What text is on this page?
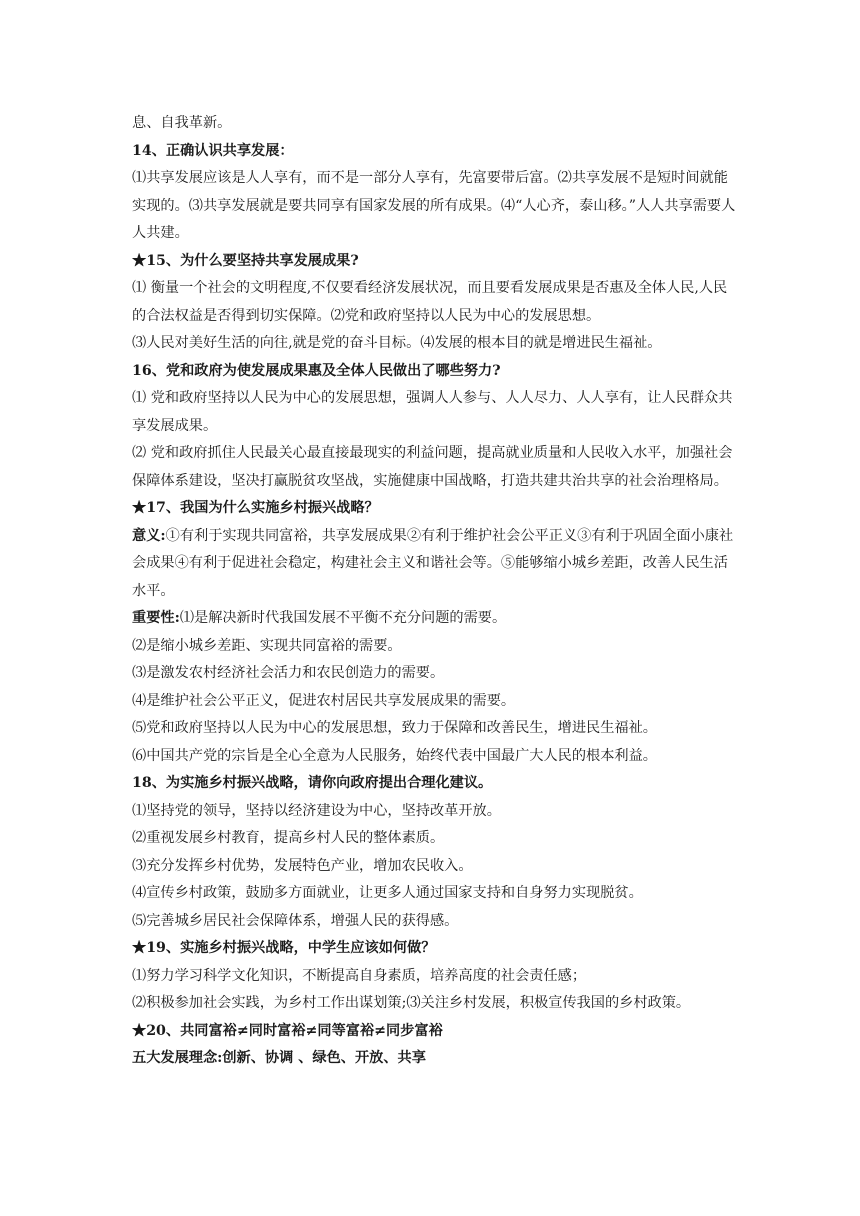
息、自我革新。

14、正确认识共享发展：

⑴共享发展应该是人人享有，而不是一部分人享有，先富要带后富。⑵共享发展不是短时间就能实现的。⑶共享发展就是要共同享有国家发展的所有成果。⑷“人心齐，泰山移。”人人共享需要人人共建。

★15、为什么要坚持共享发展成果?

⑴ 衡量一个社会的文明程度,不仅要看经济发展状况，而且要看发展成果是否惠及全体人民,人民的合法权益是否得到切实保障。⑵党和政府坚持以人民为中心的发展思想。

⑶人民对美好生活的向往,就是党的奋斗目标。⑷发展的根本目的就是增进民生福祉。

16、党和政府为使发展成果惠及全体人民做出了哪些努力?

⑴ 党和政府坚持以人民为中心的发展思想，强调人人参与、人人尽力、人人享有，让人民群众共享发展成果。

⑵ 党和政府抓住人民最关心最直接最现实的利益问题，提高就业质量和人民收入水平，加强社会保障体系建设，坚决打赢脱贫攻坚战，实施健康中国战略，打造共建共治共享的社会治理格局。

★17、我国为什么实施乡村振兴战略？

意义:①有利于实现共同富裕，共享发展成果②有利于维护社会公平正义③有利于巩固全面小康社会成果④有利于促进社会稳定，构建社会主义和谐社会等。⑤能够缩小城乡差距，改善人民生活水平。

重要性:⑴是解决新时代我国发展不平衡不充分问题的需要。

⑵是缩小城乡差距、实现共同富裕的需要。

⑶是激发农村经济社会活力和农民创造力的需要。

⑷是维护社会公平正义，促进农村居民共享发展成果的需要。

⑸党和政府坚持以人民为中心的发展思想，致力于保障和改善民生，增进民生福祉。

⑹中国共产党的宗旨是全心全意为人民服务，始终代表中国最广大人民的根本利益。

18、为实施乡村振兴战略，请你向政府提出合理化建议。

⑴坚持党的领导，坚持以经济建设为中心，坚持改革开放。

⑵重视发展乡村教育，提高乡村人民的整体素质。

⑶充分发挥乡村优势，发展特色产业，增加农民收入。

⑷宣传乡村政策，鼓励多方面就业，让更多人通过国家支持和自身努力实现脱贫。

⑸完善城乡居民社会保障体系，增强人民的获得感。

★19、实施乡村振兴战略，中学生应该如何做？

⑴努力学习科学文化知识，不断提高自身素质，培养高度的社会责任感；

⑵积极参加社会实践，为乡村工作出谋划策;⑶关注乡村发展，积极宣传我国的乡村政策。

★20、共同富裕≠同时富裕≠同等富裕≠同步富裕

五大发展理念:创新、协调 、绿色、开放、共享
